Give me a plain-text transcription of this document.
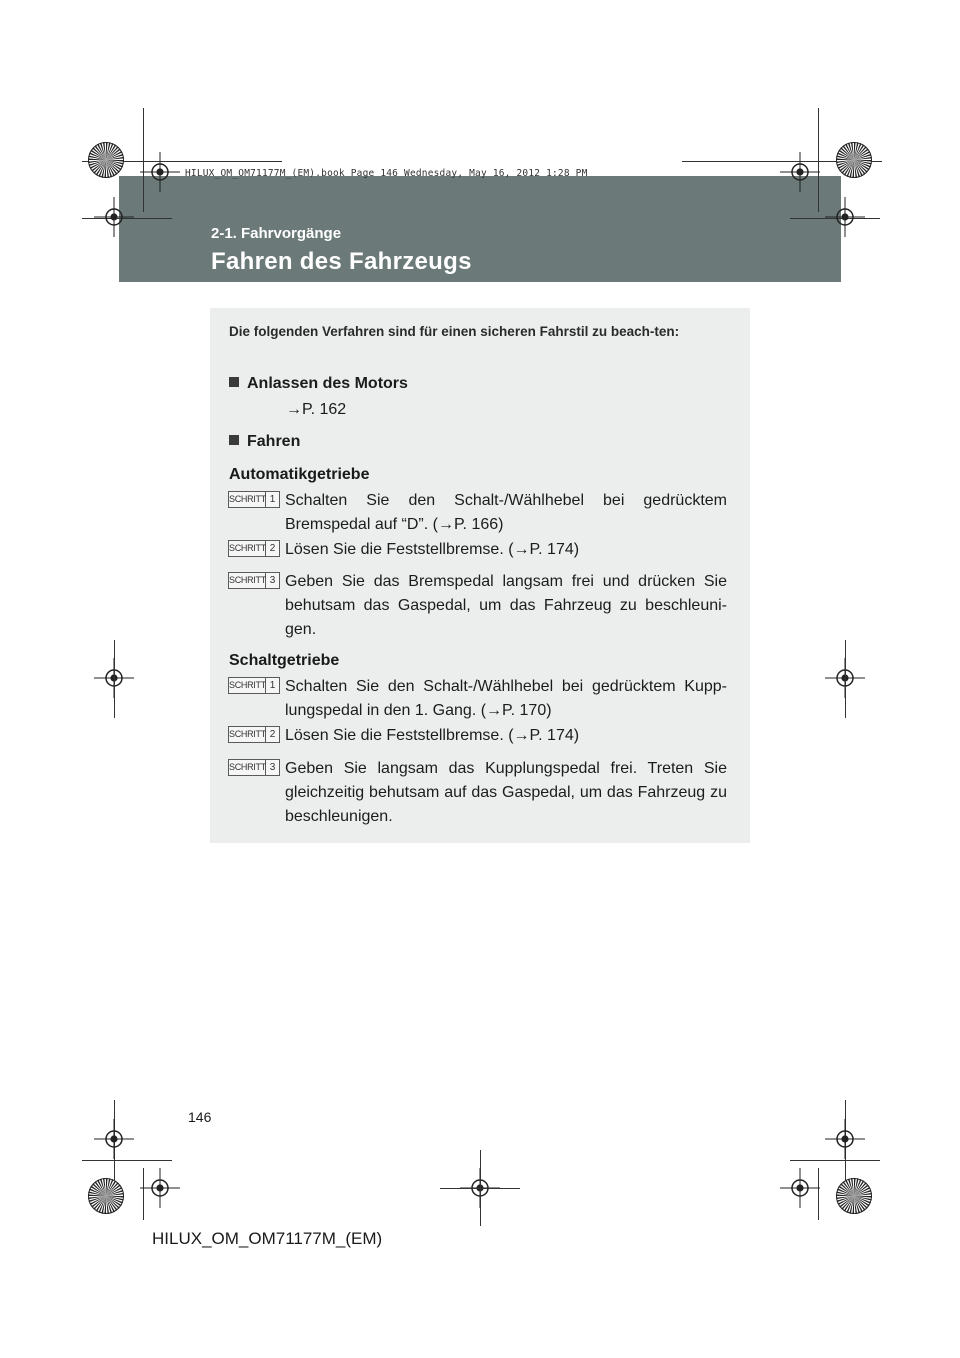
HILUX_OM_OM71177M_(EM).book Page 146 Wednesday, May 16, 2012 1:28 PM
2-1. Fahrvorgänge
Fahren des Fahrzeugs
Die folgenden Verfahren sind für einen sicheren Fahrstil zu beach-ten:
Anlassen des Motors
→P. 162
Fahren
Automatikgetriebe
SCHRITT 1 Schalten Sie den Schalt-/Wählhebel bei gedrücktem Bremspedal auf “D”. (→P. 166)
SCHRITT 2 Lösen Sie die Feststellbremse. (→P. 174)
SCHRITT 3 Geben Sie das Bremspedal langsam frei und drücken Sie behutsam das Gaspedal, um das Fahrzeug zu beschleuni-gen.
Schaltgetriebe
SCHRITT 1 Schalten Sie den Schalt-/Wählhebel bei gedrücktem Kupp-lungspedal in den 1. Gang. (→P. 170)
SCHRITT 2 Lösen Sie die Feststellbremse. (→P. 174)
SCHRITT 3 Geben Sie langsam das Kupplungspedal frei. Treten Sie gleichzeitig behutsam auf das Gaspedal, um das Fahrzeug zu beschleunigen.
146
HILUX_OM_OM71177M_(EM)
